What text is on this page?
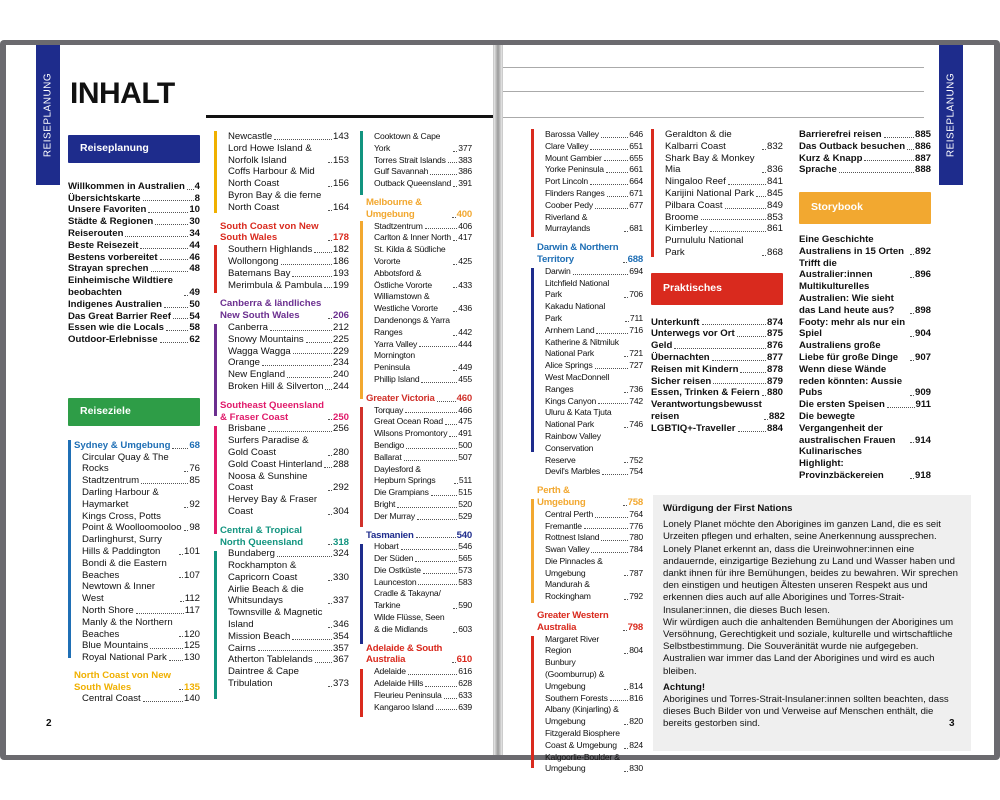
REISEPLANUNG INHALT
Reiseplanung
Willkommen in Australien 4
Übersichtskarte	8
Unsere Favoriten	10
Städte & Regionen	30
Reiserouten	34
Beste Reisezeit	44
Bestens vorbereitet	46
Strayan sprechen	48
Einheimische Wildtiere beobachten	49
Indigenes Australien	50
Das Great Barrier Reef 54
Essen wie die Locals	58
Outdoor-Erlebnisse	62
Reiseziele
Sydney & Umgebung 68
Circular Quay & The Rocks	76
Stadtzentrum	85
Darling Harbour & Haymarket	92
Kings Cross, Potts Point & Woolloomooloo 98
Darlinghurst, Surry Hills & Paddington	101
Bondi & die Eastern Beaches	107
Newtown & Inner West	112
North Shore	117
Manly & the Northern Beaches	120
Blue Mountains	125
Royal National Park 130
North Coast von New South Wales	135
Central Coast	140
Newcastle	143
Lord Howe Island & Norfolk Island	153
Coffs Harbour & Mid North Coast	156
Byron Bay & die ferne North Coast	164
South Coast von New South Wales	178
Southern Highlands 182
Wollongong	186
Batemans Bay	193
Merimbula & Pambula 199
Canberra & ländliches New South Wales	206
Canberra	212
Snowy Mountains	225
Wagga Wagga	229
Orange	234
New England	240
Broken Hill & Silverton 244
Southeast Queensland & Fraser Coast	250
Brisbane	256
Surfers Paradise & Gold Coast	280
Gold Coast Hinterland 288
Noosa & Sunshine Coast	292
Hervey Bay & Fraser Coast	304
Central & Tropical North Queensland	318
Bundaberg	324
Rockhampton & Capricorn Coast	330
Airlie Beach & die Whitsundays	337
Townsville & Magnetic Island	346
Mission Beach	354
Cairns	357
Atherton Tablelands 367
Daintree & Cape Tribulation	373
Cooktown & Cape York	377
Torres Strait Islands 383
Gulf Savannah	386
Outback Queensland 391
Melbourne & Umgebung	400
Stadtzentrum	406
Carlton & Inner North 417
St. Kilda & Südliche Vororte	425
Abbotsford & Östliche Vororte	433
Williamstown & Westliche Vororte	436
Dandenongs & Yarra Ranges	442
Yarra Valley	444
Mornington Peninsula	449
Phillip Island	455
Greater Victoria 460
Torquay	466
Great Ocean Road 475
Wilsons Promontory 491
Bendigo	500
Ballarat	507
Daylesford & Hepburn Springs	511
Die Grampians	515
Bright	520
Der Murray	529
Tasmanien	540
Hobart	546
Der Süden	565
Die Ostküste	573
Launceston	583
Cradle & Takayna/ Tarkine	590
Wilde Flüsse, Seen & die Midlands	603
Adelaide & South Australia	610
Adelaide	616
Adelaide Hills	628
Fleurieu Peninsula 633
Kangaroo Island	639
2
REISEPLANUNG
Barossa Valley	646
Clare Valley	651
Mount Gambier	655
Yorke Peninsula	661
Port Lincoln	664
Flinders Ranges	671
Coober Pedy	677
Riverland & Murraylands	681
Darwin & Northern Territory	688
Darwin	694
Litchfield National Park	706
Kakadu National Park	711
Arnhem Land	716
Katherine & Nitmiluk National Park	721
Alice Springs	727
West MacDonnell Ranges	736
Kings Canyon	742
Uluru & Kata Tjuta National Park	746
Rainbow Valley Conservation Reserve	752
Devil's Marbles	754
Perth & Umgebung	758
Central Perth	764
Fremantle	776
Rottnest Island	780
Swan Valley	784
Die Pinnacles & Umgebung	787
Mandurah & Rockingham	792
Greater Western Australia	798
Margaret River Region	804
Bunbury (Goomburrup) & Umgebung	814
Southern Forests	816
Albany (Kinjarling) & Umgebung	820
Fitzgerald Biosphere Coast & Umgebung	824
Kalgoorlie-Boulder & Umgebung	830
Geraldton & die Kalbarri Coast	832
Shark Bay & Monkey Mia	836
Ningaloo Reef	841
Karijini National Park 845
Pilbara Coast	849
Broome	853
Kimberley	861
Purnululu National Park	868
Praktisches
Unterkunft	874
Unterwegs vor Ort	875
Geld	876
Übernachten	877
Reisen mit Kindern	878
Sicher reisen	879
Essen, Trinken & Feiern 880
Verantwortungsbewusst reisen	882
LGBTIQ+-Traveller	884
Barrierefrei reisen	885
Das Outback besuchen 886
Kurz & Knapp	887
Sprache	888
Storybook
Eine Geschichte Australiens in 15 Orten	892
Trifft die Australier:innen	896
Multikulturelles Australien: Wie sieht das Land heute aus?	898
Footy: mehr als nur ein Spiel	904
Australiens große Liebe für große Dinge	907
Wenn diese Wände reden könnten: Aussie Pubs	909
Die ersten Speisen	911
Die bewegte Vergangenheit der australischen Frauen	914
Kulinarisches Highlight: Provinzbäckereien	918
Würdigung der First Nations

Lonely Planet möchte den Aborigines im ganzen Land, die es seit Urzeiten pflegen und erhalten, seine Anerkennung aussprechen.

Lonely Planet erkennt an, dass die Ureinwohner:innen eine andauernde, einzigartige Beziehung zu Land und Wasser haben und dankt ihnen für ihre Bemühungen, beides zu bewahren. Wir sprechen den einstigen und heutigen Ältesten unseren Respekt aus und erkennen dies auch auf alle Aborigines und Torres-Strait-Insulaner:innen, die dieses Buch lesen.

Wir würdigen auch die anhaltenden Bemühungen der Aborigines um Versöhnung, Gerechtigkeit und soziale, kulturelle und wirtschaftliche Selbstbestimmung. Die Souveränität wurde nie aufgegeben. Australien war immer das Land der Aborigines und wird es auch bleiben.

Achtung!

Aborigines und Torres-Strait-Insulaner:innen sollten beachten, dass dieses Buch Bilder von und Verweise auf Menschen enthält, die bereits gestorben sind.	3
